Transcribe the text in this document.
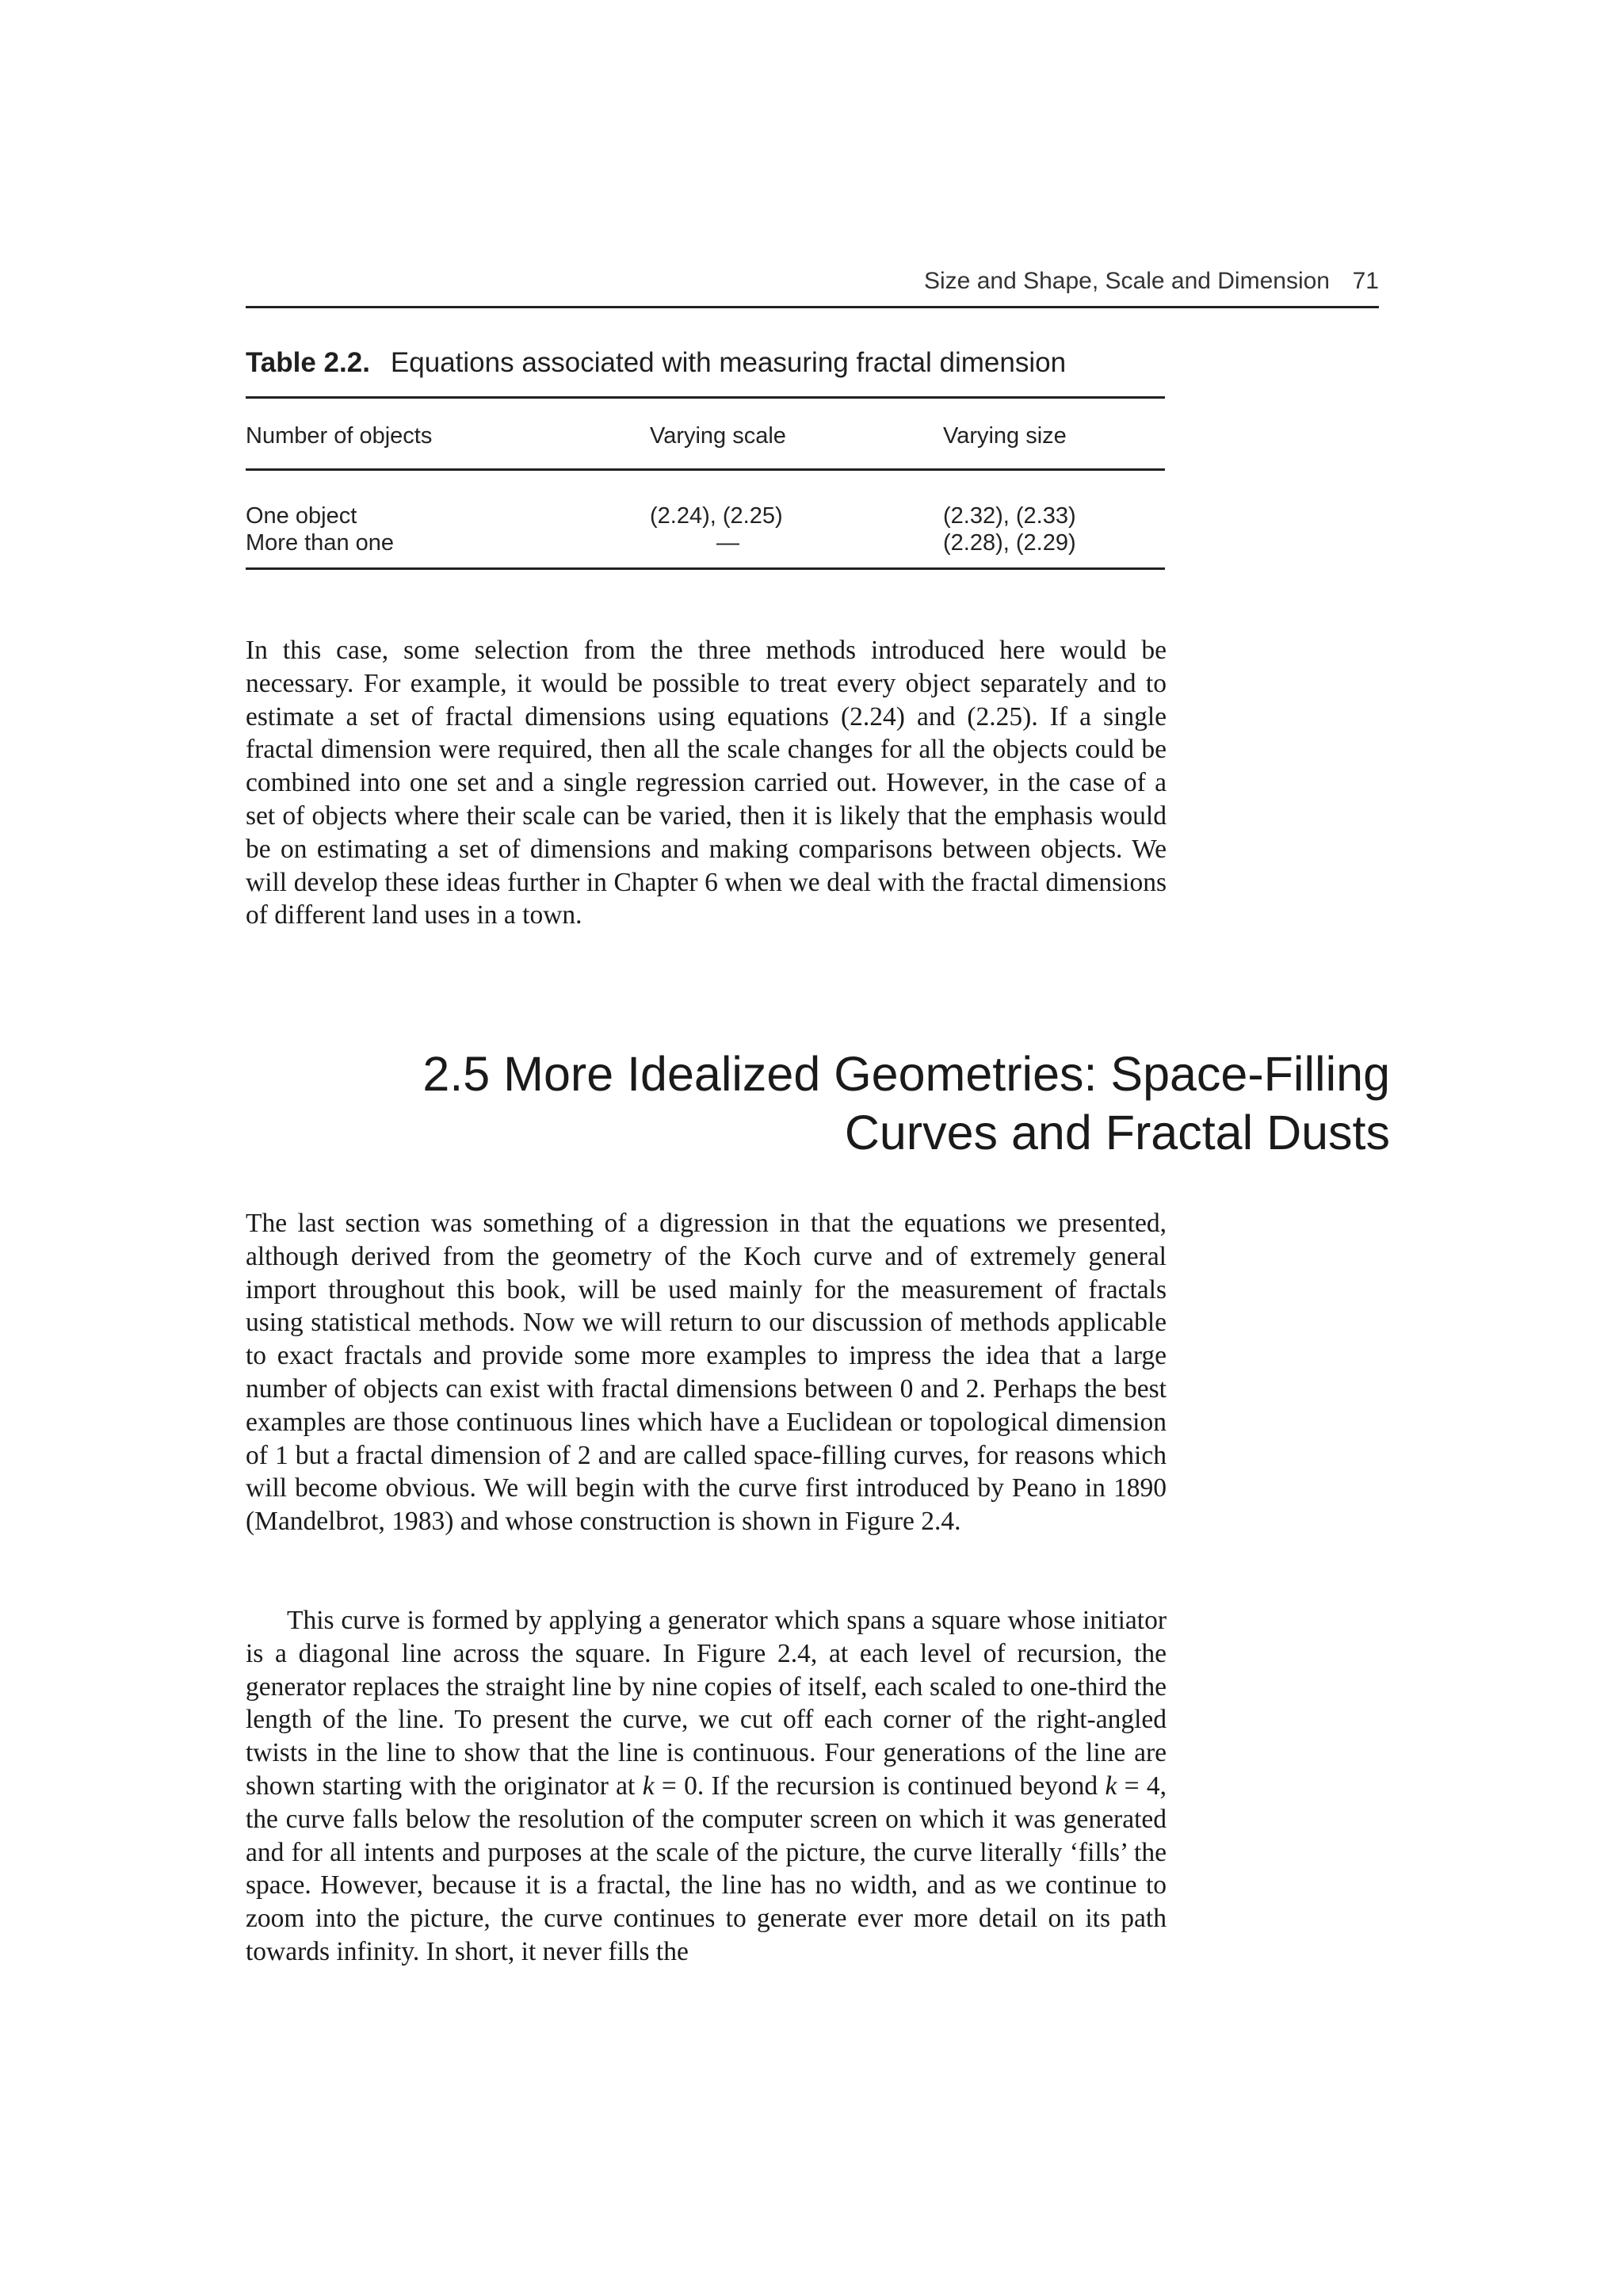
Size and Shape, Scale and Dimension 71
Table 2.2. Equations associated with measuring fractal dimension
Number of objects	Varying scale	Varying size
One object	(2.24), (2.25)	(2.32), (2.33)
More than one	—	(2.28), (2.29)

In this case, some selection from the three methods introduced here would be necessary. For example, it would be possible to treat every object separately and to estimate a set of fractal dimensions using equations (2.24) and (2.25). If a single fractal dimension were required, then all the scale changes for all the objects could be combined into one set and a single regression carried out. However, in the case of a set of objects where their scale can be varied, then it is likely that the emphasis would be on estimating a set of dimensions and making comparisons between objects. We will develop these ideas further in Chapter 6 when we deal with the fractal dimensions of different land uses in a town.

2.5 More Idealized Geometries: Space-Filling
Curves and Fractal Dusts

The last section was something of a digression in that the equations we presented, although derived from the geometry of the Koch curve and of extremely general import throughout this book, will be used mainly for the measurement of fractals using statistical methods. Now we will return to our discussion of methods applicable to exact fractals and provide some more examples to impress the idea that a large number of objects can exist with fractal dimensions between 0 and 2. Perhaps the best examples are those continuous lines which have a Euclidean or topological dimension of 1 but a fractal dimension of 2 and are called space-filling curves, for reasons which will become obvious. We will begin with the curve first introduced by Peano in 1890 (Mandelbrot, 1983) and whose construction is shown in Figure 2.4.

This curve is formed by applying a generator which spans a square whose initiator is a diagonal line across the square. In Figure 2.4, at each level of recursion, the generator replaces the straight line by nine copies of itself, each scaled to one-third the length of the line. To present the curve, we cut off each corner of the right-angled twists in the line to show that the line is continuous. Four generations of the line are shown starting with the originator at k = 0. If the recursion is continued beyond k = 4, the curve falls below the resolution of the computer screen on which it was generated and for all intents and purposes at the scale of the picture, the curve literally ‘fills’ the space. However, because it is a fractal, the line has no width, and as we continue to zoom into the picture, the curve continues to generate ever more detail on its path towards infinity. In short, it never fills the
